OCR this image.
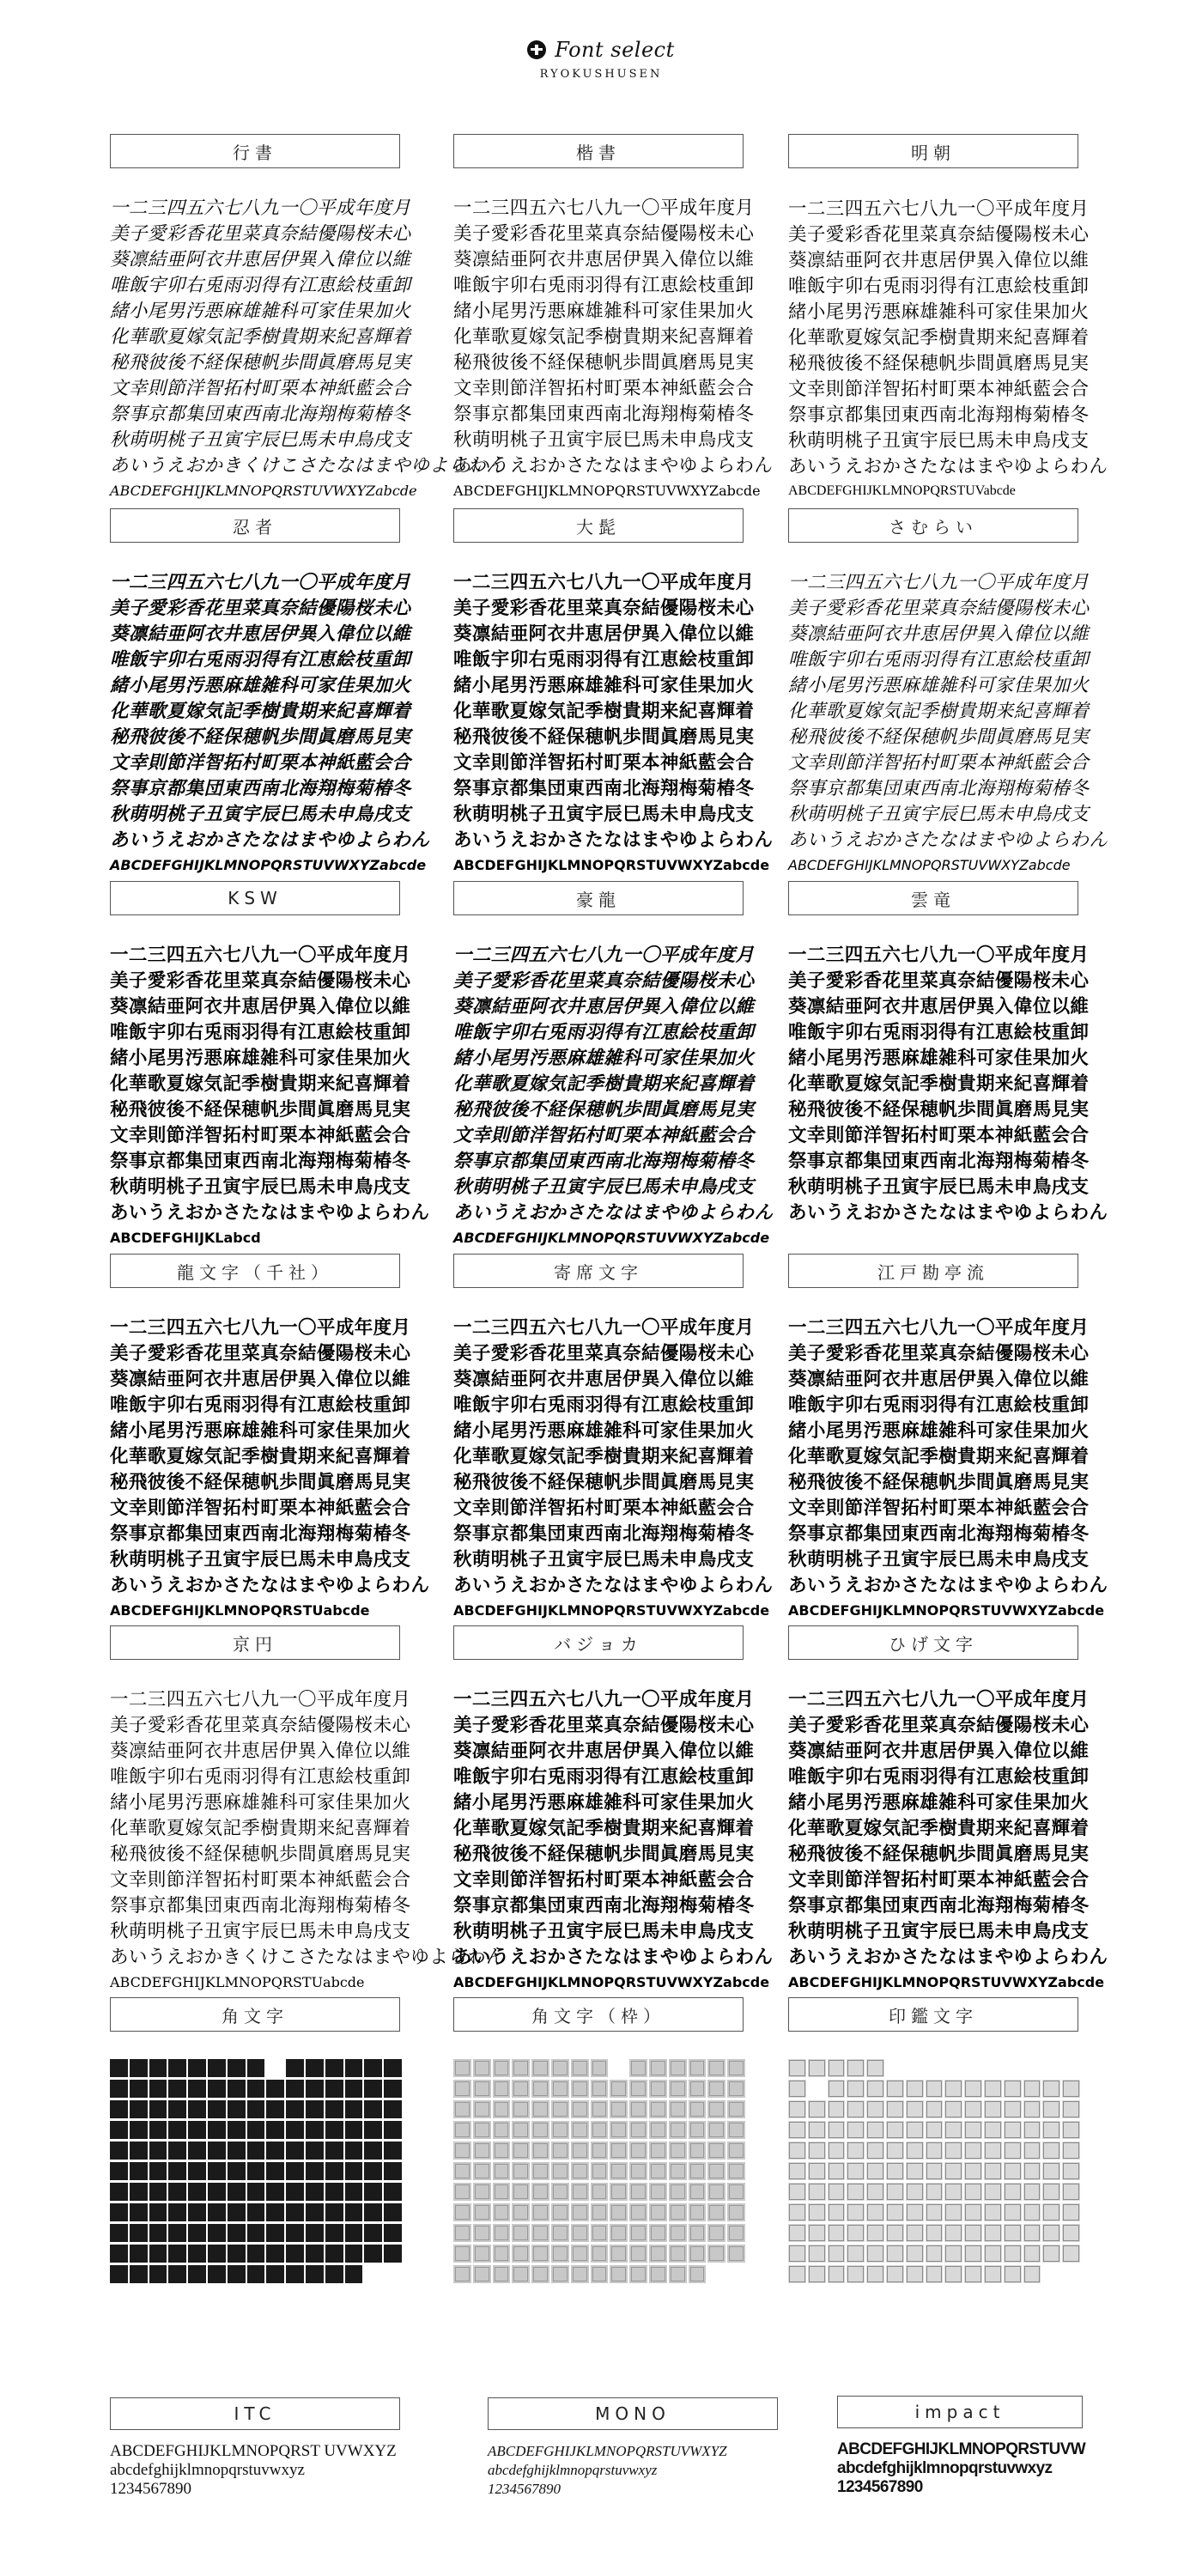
Font select
RYOKUSHUSEN
行書
一二三四五六七八九一〇平成年度月
美子愛彩香花里菜真奈結優陽桜未心
葵凛結亜阿衣井恵居伊異入偉位以維
唯飯宇卯右兎雨羽得有江恵絵枝重卸
緒小尾男汚悪麻雄雑科可家佳果加火
化華歌夏嫁気記季樹貴期来紀喜輝着
秘飛彼後不経保穂帆歩間眞磨馬見実
文幸則節洋智拓村町栗本神紙藍会合
祭事京都集団東西南北海翔梅菊椿冬
秋萌明桃子丑寅宇辰巳馬未申鳥戌支
あいうえおかきくけこさたなはまやゆよらわん
ABCDEFGHIJKLMNOPQRSTUVWXYZabcde
楷書
一二三四五六七八九一〇平成年度月
美子愛彩香花里菜真奈結優陽桜未心
葵凛結亜阿衣井恵居伊異入偉位以維
唯飯宇卯右兎雨羽得有江恵絵枝重卸
緒小尾男汚悪麻雄雑科可家佳果加火
化華歌夏嫁気記季樹貴期来紀喜輝着
秘飛彼後不経保穂帆歩間眞磨馬見実
文幸則節洋智拓村町栗本神紙藍会合
祭事京都集団東西南北海翔梅菊椿冬
秋萌明桃子丑寅宇辰巳馬未申鳥戌支
あいうえおかさたなはまやゆよらわん
ABCDEFGHIJKLMNOPQRSTUVWXYZabcde
明朝
一二三四五六七八九一〇平成年度月
美子愛彩香花里菜真奈結優陽桜未心
葵凛結亜阿衣井恵居伊異入偉位以維
唯飯宇卯右兎雨羽得有江恵絵枝重卸
緒小尾男汚悪麻雄雑科可家佳果加火
化華歌夏嫁気記季樹貴期来紀喜輝着
秘飛彼後不経保穂帆歩間眞磨馬見実
文幸則節洋智拓村町栗本神紙藍会合
祭事京都集団東西南北海翔梅菊椿冬
秋萌明桃子丑寅宇辰巳馬未申鳥戌支
あいうえおかさたなはまやゆよらわん
ABCDEFGHIJKLMNOPQRSTUVabcde
忍者
一二三四五六七八九一〇平成年度月
美子愛彩香花里菜真奈結優陽桜未心
葵凛結亜阿衣井恵居伊異入偉位以維
唯飯宇卯右兎雨羽得有江恵絵枝重卸
緒小尾男汚悪麻雄雑科可家佳果加火
化華歌夏嫁気記季樹貴期来紀喜輝着
秘飛彼後不経保穂帆歩間眞磨馬見実
文幸則節洋智拓村町栗本神紙藍会合
祭事京都集団東西南北海翔梅菊椿冬
秋萌明桃子丑寅宇辰巳馬未申鳥戌支
あいうえおかさたなはまやゆよらわん
ABCDEFGHIJKLMNOPQRSTUVWXYZabcde
大髭
一二三四五六七八九一〇平成年度月
美子愛彩香花里菜真奈結優陽桜未心
葵凛結亜阿衣井恵居伊異入偉位以維
唯飯宇卯右兎雨羽得有江恵絵枝重卸
緒小尾男汚悪麻雄雑科可家佳果加火
化華歌夏嫁気記季樹貴期来紀喜輝着
秘飛彼後不経保穂帆歩間眞磨馬見実
文幸則節洋智拓村町栗本神紙藍会合
祭事京都集団東西南北海翔梅菊椿冬
秋萌明桃子丑寅宇辰巳馬未申鳥戌支
あいうえおかさたなはまやゆよらわん
ABCDEFGHIJKLMNOPQRSTUVWXYZabcde
さむらい
一二三四五六七八九一〇平成年度月
美子愛彩香花里菜真奈結優陽桜未心
葵凛結亜阿衣井恵居伊異入偉位以維
唯飯宇卯右兎雨羽得有江恵絵枝重卸
緒小尾男汚悪麻雄雑科可家佳果加火
化華歌夏嫁気記季樹貴期来紀喜輝着
秘飛彼後不経保穂帆歩間眞磨馬見実
文幸則節洋智拓村町栗本神紙藍会合
祭事京都集団東西南北海翔梅菊椿冬
秋萌明桃子丑寅宇辰巳馬未申鳥戌支
あいうえおかさたなはまやゆよらわん
ABCDEFGHIJKLMNOPQRSTUVWXYZabcde
KSW
一二三四五六七八九一〇平成年度月
美子愛彩香花里菜真奈結優陽桜未心
葵凛結亜阿衣井恵居伊異入偉位以維
唯飯宇卯右兎雨羽得有江恵絵枝重卸
緒小尾男汚悪麻雄雑科可家佳果加火
化華歌夏嫁気記季樹貴期来紀喜輝着
秘飛彼後不経保穂帆歩間眞磨馬見実
文幸則節洋智拓村町栗本神紙藍会合
祭事京都集団東西南北海翔梅菊椿冬
秋萌明桃子丑寅宇辰巳馬未申鳥戌支
あいうえおかさたなはまやゆよらわん
ABCDEFGHIJKLabcd
豪龍
一二三四五六七八九一〇平成年度月
美子愛彩香花里菜真奈結優陽桜未心
葵凛結亜阿衣井恵居伊異入偉位以維
唯飯宇卯右兎雨羽得有江恵絵枝重卸
緒小尾男汚悪麻雄雑科可家佳果加火
化華歌夏嫁気記季樹貴期来紀喜輝着
秘飛彼後不経保穂帆歩間眞磨馬見実
文幸則節洋智拓村町栗本神紙藍会合
祭事京都集団東西南北海翔梅菊椿冬
秋萌明桃子丑寅宇辰巳馬未申鳥戌支
あいうえおかさたなはまやゆよらわん
ABCDEFGHIJKLMNOPQRSTUVWXYZabcde
雲竜
一二三四五六七八九一〇平成年度月
美子愛彩香花里菜真奈結優陽桜未心
葵凛結亜阿衣井恵居伊異入偉位以維
唯飯宇卯右兎雨羽得有江恵絵枝重卸
緒小尾男汚悪麻雄雑科可家佳果加火
化華歌夏嫁気記季樹貴期来紀喜輝着
秘飛彼後不経保穂帆歩間眞磨馬見実
文幸則節洋智拓村町栗本神紙藍会合
祭事京都集団東西南北海翔梅菊椿冬
秋萌明桃子丑寅宇辰巳馬未申鳥戌支
あいうえおかさたなはまやゆよらわん
龍文字（千社）
一二三四五六七八九一〇平成年度月
美子愛彩香花里菜真奈結優陽桜未心
葵凛結亜阿衣井恵居伊異入偉位以維
唯飯宇卯右兎雨羽得有江恵絵枝重卸
緒小尾男汚悪麻雄雑科可家佳果加火
化華歌夏嫁気記季樹貴期来紀喜輝着
秘飛彼後不経保穂帆歩間眞磨馬見実
文幸則節洋智拓村町栗本神紙藍会合
祭事京都集団東西南北海翔梅菊椿冬
秋萌明桃子丑寅宇辰巳馬未申鳥戌支
あいうえおかさたなはまやゆよらわん
ABCDEFGHIJKLMNOPQRSTUabcde
寄席文字
一二三四五六七八九一〇平成年度月
美子愛彩香花里菜真奈結優陽桜未心
葵凛結亜阿衣井恵居伊異入偉位以維
唯飯宇卯右兎雨羽得有江恵絵枝重卸
緒小尾男汚悪麻雄雑科可家佳果加火
化華歌夏嫁気記季樹貴期来紀喜輝着
秘飛彼後不経保穂帆歩間眞磨馬見実
文幸則節洋智拓村町栗本神紙藍会合
祭事京都集団東西南北海翔梅菊椿冬
秋萌明桃子丑寅宇辰巳馬未申鳥戌支
あいうえおかさたなはまやゆよらわん
ABCDEFGHIJKLMNOPQRSTUVWXYZabcde
江戸勘亭流
一二三四五六七八九一〇平成年度月
美子愛彩香花里菜真奈結優陽桜未心
葵凛結亜阿衣井恵居伊異入偉位以維
唯飯宇卯右兎雨羽得有江恵絵枝重卸
緒小尾男汚悪麻雄雑科可家佳果加火
化華歌夏嫁気記季樹貴期来紀喜輝着
秘飛彼後不経保穂帆歩間眞磨馬見実
文幸則節洋智拓村町栗本神紙藍会合
祭事京都集団東西南北海翔梅菊椿冬
秋萌明桃子丑寅宇辰巳馬未申鳥戌支
あいうえおかさたなはまやゆよらわん
ABCDEFGHIJKLMNOPQRSTUVWXYZabcde
京円
一二三四五六七八九一〇平成年度月
美子愛彩香花里菜真奈結優陽桜未心
葵凛結亜阿衣井恵居伊異入偉位以維
唯飯宇卯右兎雨羽得有江恵絵枝重卸
緒小尾男汚悪麻雄雑科可家佳果加火
化華歌夏嫁気記季樹貴期来紀喜輝着
秘飛彼後不経保穂帆歩間眞磨馬見実
文幸則節洋智拓村町栗本神紙藍会合
祭事京都集団東西南北海翔梅菊椿冬
秋萌明桃子丑寅宇辰巳馬未申鳥戌支
あいうえおかきくけこさたなはまやゆよらわん
ABCDEFGHIJKLMNOPQRSTUabcde
バジョカ
一二三四五六七八九一〇平成年度月
美子愛彩香花里菜真奈結優陽桜未心
葵凛結亜阿衣井恵居伊異入偉位以維
唯飯宇卯右兎雨羽得有江恵絵枝重卸
緒小尾男汚悪麻雄雑科可家佳果加火
化華歌夏嫁気記季樹貴期来紀喜輝着
秘飛彼後不経保穂帆歩間眞磨馬見実
文幸則節洋智拓村町栗本神紙藍会合
祭事京都集団東西南北海翔梅菊椿冬
秋萌明桃子丑寅宇辰巳馬未申鳥戌支
あいうえおかさたなはまやゆよらわん
ABCDEFGHIJKLMNOPQRSTUVWXYZabcde
ひげ文字
一二三四五六七八九一〇平成年度月
美子愛彩香花里菜真奈結優陽桜未心
葵凛結亜阿衣井恵居伊異入偉位以維
唯飯宇卯右兎雨羽得有江恵絵枝重卸
緒小尾男汚悪麻雄雑科可家佳果加火
化華歌夏嫁気記季樹貴期来紀喜輝着
秘飛彼後不経保穂帆歩間眞磨馬見実
文幸則節洋智拓村町栗本神紙藍会合
祭事京都集団東西南北海翔梅菊椿冬
秋萌明桃子丑寅宇辰巳馬未申鳥戌支
あいうえおかさたなはまやゆよらわん
ABCDEFGHIJKLMNOPQRSTUVWXYZabcde
角文字	角文字（枠）	印鑑文字
ITC
ABCDEFGHIJKLMNOPQRST UVWXYZ
abcdefghijklmnopqrstuvwxyz
1234567890
MONO
ABCDEFGHIJKLMNOPQRSTUVWXYZ
abcdefghijklmnopqrstuvwxyz
1234567890
impact
ABCDEFGHIJKLMNOPQRSTUVW
abcdefghijklmnopqrstuvwxyz
1234567890
